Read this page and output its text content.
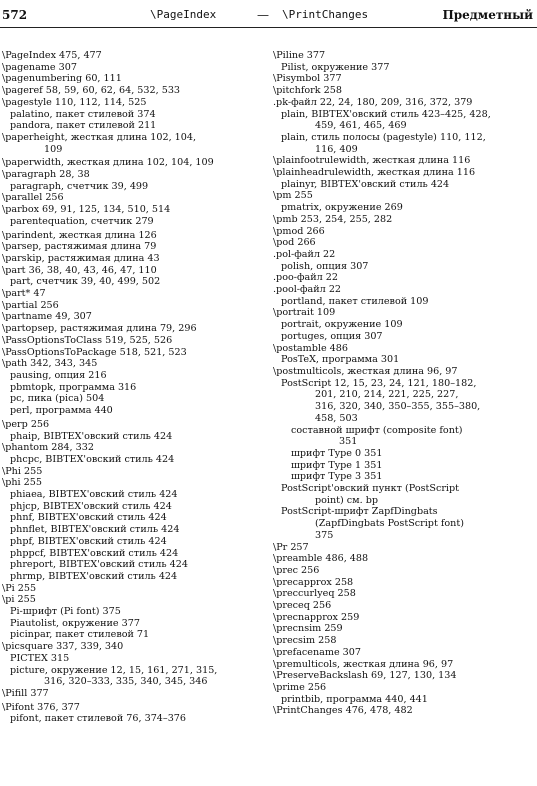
572	\PageIndex	— \PrintChanges	Предметный
\PageIndex 475, 477
\pagename 307
\pagenumbering 60, 111
\pageref 58, 59, 60, 62, 64, 532, 533
\pagestyle 110, 112, 114, 525
palatino, пакет стилевой 374
pandora, пакет стилевой 211
\paperheight, жесткая длина 102, 104,
109
\paperwidth, жесткая длина 102, 104, 109
\paragraph 28, 38
paragraph, счетчик 39, 499
\parallel 256
\parbox 69, 91, 125, 134, 510, 514
parentequation, счетчик 279
\parindent, жесткая длина 126
\parsep, растяжимая длина 79
\parskip, растяжимая длина 43
\part 36, 38, 40, 43, 46, 47, 110
part, счетчик 39, 40, 499, 502
\part* 47
\partial 256
\partname 49, 307
\partopsep, растяжимая длина 79, 296
\PassOptionsToClass 519, 525, 526
\PassOptionsToPackage 518, 521, 523
\path 342, 343, 345
pausing, опция 216
pbmtopk, программа 316
pc, пика (pica) 504
perl, программа 440
\perp 256
phaip, BIBTEX'овский стиль 424
\phantom 284, 332
phcpc, BIBTEX'овский стиль 424
\Phi 255
\phi 255
phiaea, BIBTEX'овский стиль 424
phjcp, BIBTEX'овский стиль 424
phnf, BIBTEX'овский стиль 424
phnflet, BIBTEX'овский стиль 424
phpf, BIBTEX'овский стиль 424
phppcf, BIBTEX'овский стиль 424
phreport, BIBTEX'овский стиль 424
phrmp, BIBTEX'овский стиль 424
\Pi 255
\pi 255
Pi-шрифт (Pi font) 375
Piautolist, окружение 377
picinpar, пакет стилевой 71
\picsquare 337, 339, 340
PICTEX 315
picture, окружение 12, 15, 161, 271, 315,
316, 320–333, 335, 340, 345, 346
\Pifill 377
\Pifont 376, 377
pifont, пакет стилевой 76, 374–376
\Piline 377
Pilist, окружение 377
\Pisymbol 377
\pitchfork 258
.pk-файл 22, 24, 180, 209, 316, 372, 379
plain, BIBTEX'овский стиль 423–425, 428,
459, 461, 465, 469
plain, стиль полосы (pagestyle) 110, 112,
116, 409
\plainfootrulewidth, жесткая длина 116
\plainheadrulewidth, жесткая длина 116
plainyr, BIBTEX'овский стиль 424
\pm 255
pmatrix, окружение 269
\pmb 253, 254, 255, 282
\pmod 266
\pod 266
.pol-файл 22
polish, опция 307
.poo-файл 22
.pool-файл 22
portland, пакет стилевой 109
\portrait 109
portrait, окружение 109
portuges, опция 307
\postamble 486
PosTeX, программа 301
\postmulticols, жесткая длина 96, 97
PostScript 12, 15, 23, 24, 121, 180–182,
201, 210, 214, 221, 225, 227,
316, 320, 340, 350–355, 355–380,
458, 503
составной шрифт (composite font)
351
шрифт Type 0 351
шрифт Type 1 351
шрифт Type 3 351
PostScript'овский пункт (PostScript
point) см. bp
PostScript-шрифт ZapfDingbats
(ZapfDingbats PostScript font)
375
\Pr 257
\preamble 486, 488
\prec 256
\precapprox 258
\preccurlyeq 258
\preceq 256
\precnapprox 259
\precnsim 259
\precsim 258
\prefacename 307
\premulticols, жесткая длина 96, 97
\PreserveBackslash 69, 127, 130, 134
\prime 256
printbib, программа 440, 441
\PrintChanges 476, 478, 482
